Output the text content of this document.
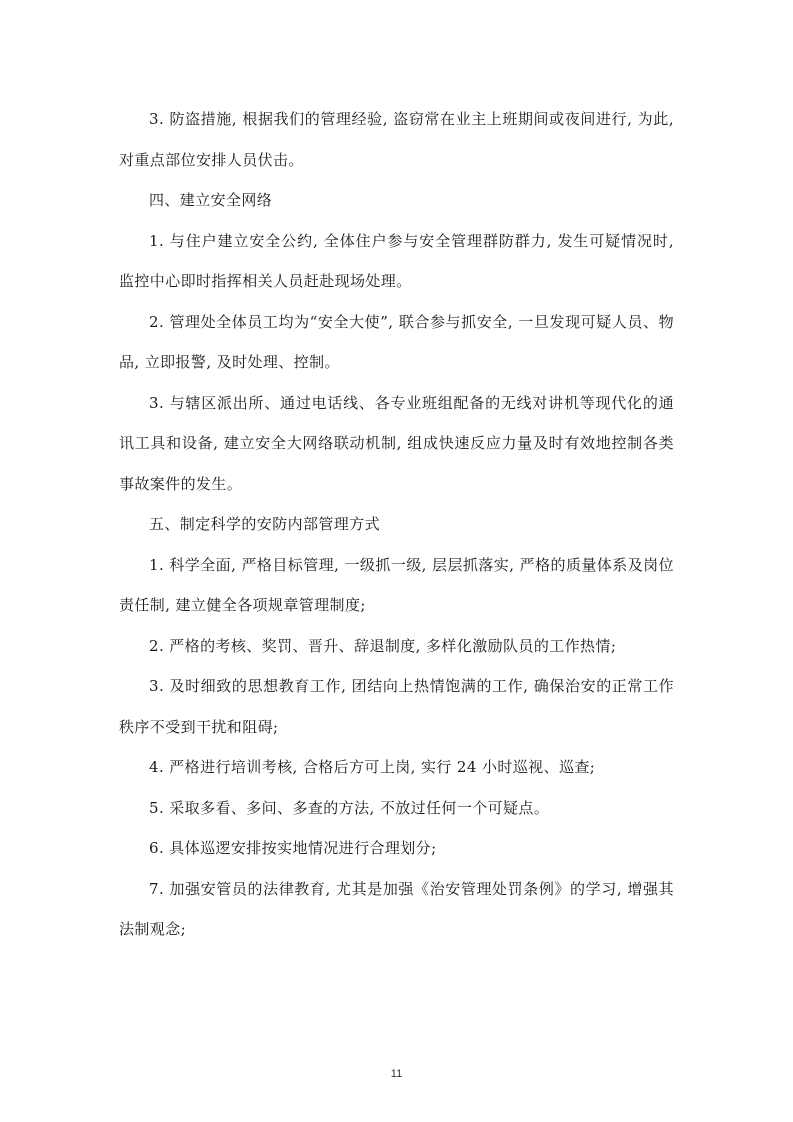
3. 防盗措施, 根据我们的管理经验, 盗窃常在业主上班期间或夜间进行, 为此, 对重点部位安排人员伏击。

四、建立安全网络

1. 与住户建立安全公约, 全体住户参与安全管理群防群力, 发生可疑情况时, 监控中心即时指挥相关人员赶赴现场处理。

2. 管理处全体员工均为“安全大使”, 联合参与抓安全, 一旦发现可疑人员、物品, 立即报警, 及时处理、控制。

3. 与辖区派出所、通过电话线、各专业班组配备的无线对讲机等现代化的通讯工具和设备, 建立安全大网络联动机制, 组成快速反应力量及时有效地控制各类事故案件的发生。

五、制定科学的安防内部管理方式

1. 科学全面, 严格目标管理, 一级抓一级, 层层抓落实, 严格的质量体系及岗位责任制, 建立健全各项规章管理制度;

2. 严格的考核、奖罚、晋升、辞退制度, 多样化激励队员的工作热情;

3. 及时细致的思想教育工作, 团结向上热情饱满的工作, 确保治安的正常工作秩序不受到干扰和阻碍;

4. 严格进行培训考核, 合格后方可上岗, 实行 24 小时巡视、巡查;

5. 采取多看、多问、多查的方法, 不放过任何一个可疑点。

6. 具体巡逻安排按实地情况进行合理划分;

7. 加强安管员的法律教育, 尤其是加强《治安管理处罚条例》的学习, 增强其法制观念;

11
